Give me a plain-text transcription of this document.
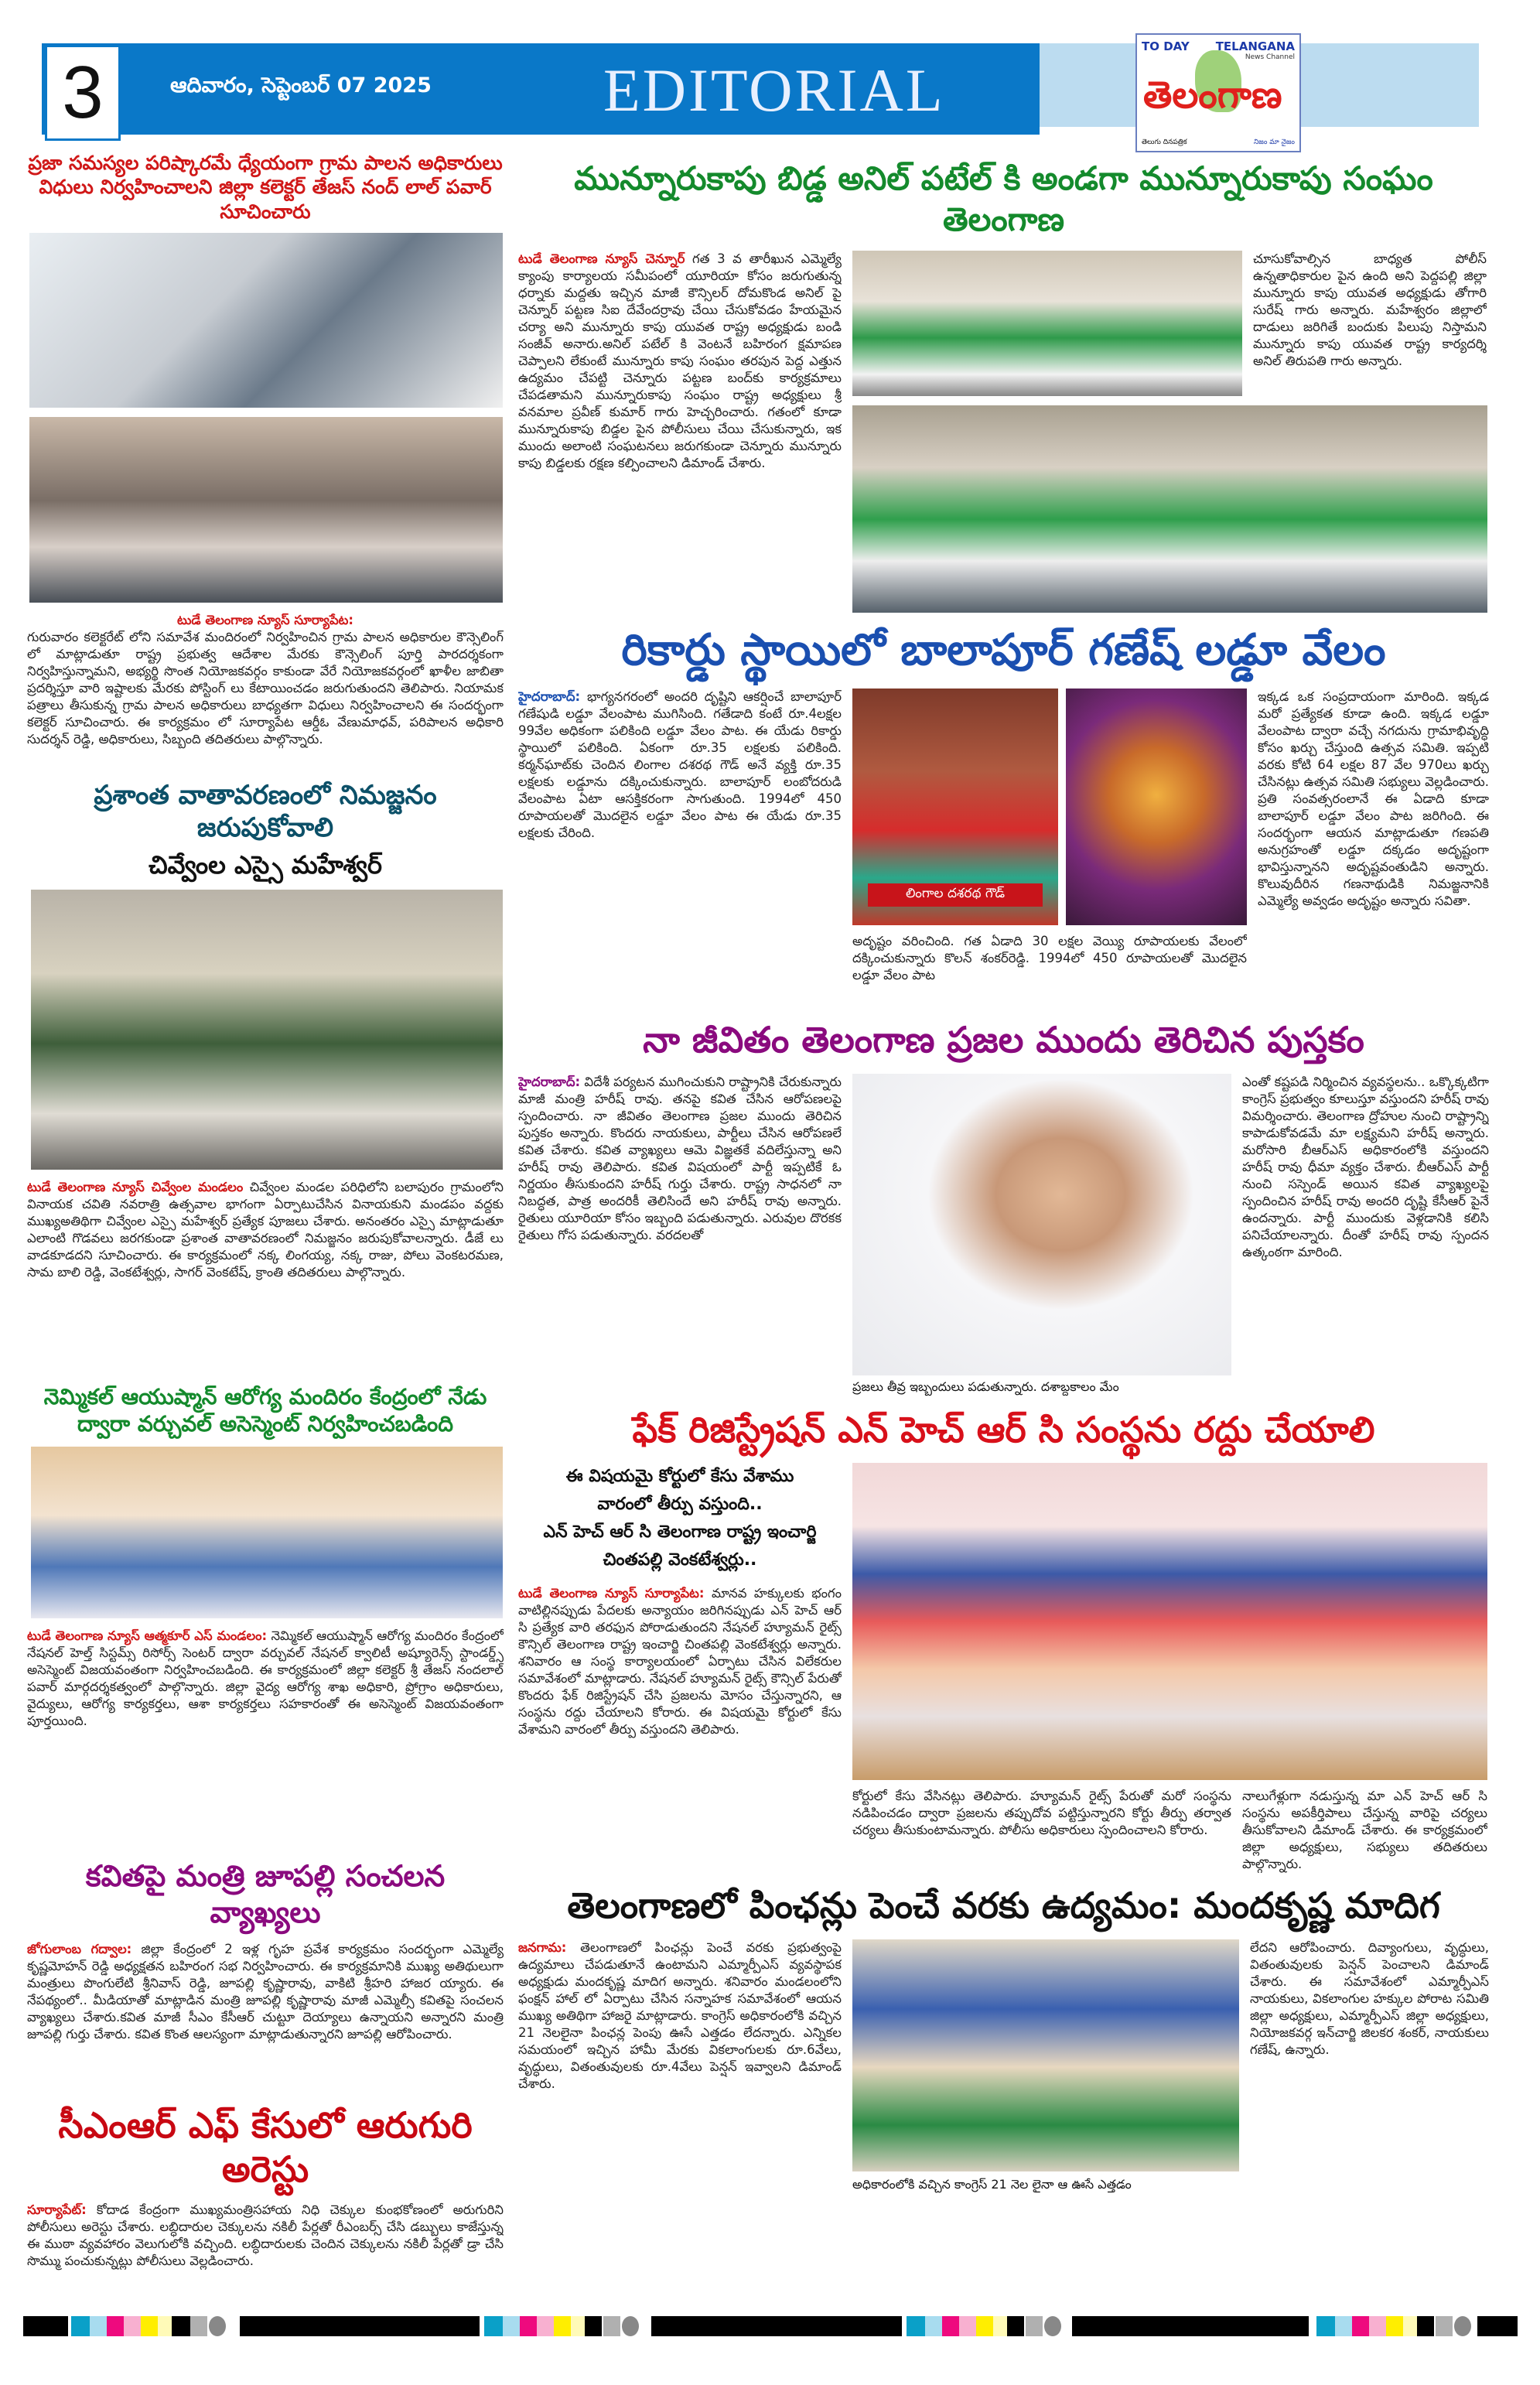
3	ఆదివారం, సెప్టెంబర్ 07 2025	EDITORIAL
TO DAY TELANGANA
News Channel
తెలంగాణ
తెలుగు దినపత్రిక	నిజం మా నైజం
ప్రజా సమస్యల పరిష్కారమే ధ్యేయంగా గ్రామ పాలన అధికారులు విధులు నిర్వహించాలని జిల్లా కలెక్టర్ తేజస్ నంద్ లాల్ పవార్ సూచించారు
టుడే తెలంగాణ న్యూస్ సూర్యాపేట:
గురువారం కలెక్టరేట్ లోని సమావేశ మందిరంలో నిర్వహించిన గ్రామ పాలన అధికారుల కౌన్సెలింగ్ లో మాట్లాడుతూ రాష్ట్ర ప్రభుత్వ ఆదేశాల మేరకు కౌన్సెలింగ్ పూర్తి పారదర్శకంగా నిర్వహిస్తున్నామని, అభ్యర్థి సొంత నియోజకవర్గం కాకుండా వేరే నియోజకవర్గంలో ఖాళీల జాబితా ప్రదర్శిస్తూ వారి ఇష్టాలకు మేరకు పోస్టింగ్ లు కేటాయించడం జరుగుతుందని తెలిపారు. నియామక పత్రాలు తీసుకున్న గ్రామ పాలన అధికారులు బాధ్యతగా విధులు నిర్వహించాలని ఈ సందర్భంగా కలెక్టర్ సూచించారు. ఈ కార్యక్రమం లో సూర్యాపేట ఆర్డీఓ వేణుమాధవ్, పరిపాలన అధికారి సుదర్శన్ రెడ్డి, అధికారులు, సిబ్బంది తదితరులు పాల్గొన్నారు.
ప్రశాంత వాతావరణంలో నిమజ్జనం జరుపుకోవాలి
చివ్వేంల ఎస్సై మహేశ్వర్
టుడే తెలంగాణ న్యూస్ చివ్వేంల మండలం చివ్వేంల మండల పరిధిలోని బలాపురం గ్రామంలోని వినాయక చవితి నవరాత్రి ఉత్సవాల భాగంగా ఏర్పాటుచేసిన వినాయకుని మండపం వద్దకు ముఖ్యఅతిథిగా చివ్వేంల ఎస్సై మహేశ్వర్ ప్రత్యేక పూజలు చేశారు. అనంతరం ఎస్సై మాట్లాడుతూ ఎలాంటి గొడవలు జరగకుండా ప్రశాంత వాతావరణంలో నిమజ్జనం జరుపుకోవాలన్నారు. డీజే లు వాడకూడదని సూచించారు. ఈ కార్యక్రమంలో నక్క లింగయ్య, నక్క రాజు, పోలు వెంకటరమణ, సామ బాలి రెడ్డి, వెంకటేశ్వర్లు, సాగర్ వెంకటేష్, క్రాంతి తదితరులు పాల్గొన్నారు.
నెమ్మికల్ ఆయుష్మాన్ ఆరోగ్య మందిరం కేంద్రంలో నేడు ద్వారా వర్చువల్ అసెస్మెంట్ నిర్వహించబడింది
టుడే తెలంగాణ న్యూస్ ఆత్మకూర్ ఎస్ మండలం: నెమ్మికల్ ఆయుష్మాన్ ఆరోగ్య మందిరం కేంద్రంలో నేషనల్ హెల్త్ సిస్టమ్స్ రిసోర్స్ సెంటర్ ద్వారా వర్చువల్ నేషనల్ క్వాలిటీ అష్యూరెన్స్ స్టాండర్డ్స్ అసెస్మెంట్ విజయవంతంగా నిర్వహించబడింది. ఈ కార్యక్రమంలో జిల్లా కలెక్టర్ శ్రీ తేజస్ నందలాల్ పవార్ మార్గదర్శకత్వంలో పాల్గొన్నారు. జిల్లా వైద్య ఆరోగ్య శాఖ అధికారి, ప్రోగ్రాం అధికారులు, వైద్యులు, ఆరోగ్య కార్యకర్తలు, ఆశా కార్యకర్తలు సహకారంతో ఈ అసెస్మెంట్ విజయవంతంగా పూర్తయింది.
కవితపై మంత్రి జూపల్లి సంచలన వ్యాఖ్యలు
జోగులాంబ గద్వాల: జిల్లా కేంద్రంలో 2 ఇళ్ల గృహ ప్రవేశ కార్యక్రమం సందర్భంగా ఎమ్మెల్యే కృష్ణమోహన్ రెడ్డి అధ్యక్షతన బహిరంగ సభ నిర్వహించారు. ఈ కార్యక్రమానికి ముఖ్య అతిథులుగా మంత్రులు పొంగులేటి శ్రీనివాస్ రెడ్డి, జూపల్లి కృష్ణారావు, వాకిటి శ్రీహరి హాజర య్యారు. ఈ నేపథ్యంలో.. మీడియాతో మాట్లాడిన మంత్రి జూపల్లి కృష్ణారావు మాజీ ఎమ్మెల్సీ కవితపై సంచలన వ్యాఖ్యలు చేశారు.కవిత మాజీ సీఎం కేసీఆర్ చుట్టూ దెయ్యాలు ఉన్నాయని అన్నారని మంత్రి జూపల్లి గుర్తు చేశారు. కవిత కొంత ఆలస్యంగా మాట్లాడుతున్నారని జూపల్లి ఆరోపించారు.
సీఎంఆర్ ఎఫ్ కేసులో ఆరుగురి అరెస్టు
సూర్యాపేట్: కోదాడ కేంద్రంగా ముఖ్యమంత్రిసహాయ నిధి చెక్కుల కుంభకోణంలో అరుగురిని పోలీసులు అరెస్టు చేశారు. లబ్ధిదారుల చెక్కులను నకిలీ పేర్లతో రీఎంబర్స్ చేసి డబ్బులు కాజేస్తున్న ఈ ముఠా వ్యవహారం వెలుగులోకి వచ్చింది. లబ్ధిదారులకు చెందిన చెక్కులను నకిలీ పేర్లతో డ్రా చేసి సొమ్ము పంచుకున్నట్లు పోలీసులు వెల్లడించారు.
మున్నూరుకాపు బిడ్డ అనిల్ పటేల్ కి అండగా మున్నూరుకాపు సంఘం తెలంగాణ
టుడే తెలంగాణ న్యూస్ చెన్నూర్ గత 3 వ తారీఖున ఎమ్మెల్యే క్యాంపు కార్యాలయ సమీపంలో యూరియా కోసం జరుగుతున్న ధర్నాకు మద్దతు ఇచ్చిన మాజీ కౌన్సిలర్ దోమకొండ అనిల్ పై చెన్నూర్ పట్టణ సిఐ దేవేందర్రావు చేయి చేసుకోవడం హేయమైన చర్యా అని మున్నూరు కాపు యువత రాష్ట్ర అధ్యక్షుడు బండి సంజీవ్ అనారు.అనిల్ పటేల్ కి వెంటనే బహిరంగ క్షమాపణ చెప్పాలని లేకుంటే మున్నూరు కాపు సంఘం తరపున పెద్ద ఎత్తున ఉద్యమం చేపట్టి చెన్నూరు పట్టణ బంద్‌కు కార్యక్రమాలు చేపడతామని మున్నూరుకాపు సంఘం రాష్ట్ర అధ్యక్షులు శ్రీ వనమాల ప్రవీణ్ కుమార్ గారు హెచ్చరించారు. గతంలో కూడా మున్నూరుకాపు బిడ్డల పైన పోలీసులు చేయి చేసుకున్నారు, ఇక ముందు అలాంటి సంఘటనలు జరుగకుండా చెన్నూరు మున్నూరు కాపు బిడ్డలకు రక్షణ కల్పించాలని డిమాండ్ చేశారు.
చూసుకోవాల్సిన బాధ్యత పోలీస్ ఉన్నతాధికారుల పైన ఉంది అని పెద్దపల్లి జిల్లా మున్నూరు కాపు యువత అధ్యక్షుడు తోగారి సురేష్ గారు అన్నారు. మహేశ్వరం జిల్లాలో దాడులు జరిగితే బందుకు పిలుపు నిస్తామని మున్నూరు కాపు యువత రాష్ట్ర కార్యదర్శి అనిల్ తిరుపతి గారు అన్నారు.
రికార్డు స్థాయిలో బాలాపూర్ గణేష్ లడ్డూ వేలం
హైదరాబాద్: భాగ్యనగరంలో అందరి దృష్టిని ఆకర్షించే బాలాపూర్ గణేషుడి లడ్డూ వేలంపాట ముగిసింది. గతేడాది కంటే రూ.4లక్షల 99వేల అధికంగా పలికింది లడ్డూ వేలం పాట. ఈ యేడు రికార్డు స్థాయిలో పలికింది. ఏకంగా రూ.35 లక్షలకు పలికింది. కర్మన్‌ఘాట్‌కు చెందిన లింగాల దశరథ గౌడ్ అనే వ్యక్తి రూ.35 లక్షలకు లడ్డూను దక్కించుకున్నారు. బాలాపూర్ లంబోదరుడి వేలంపాట ఏటా ఆసక్తికరంగా సాగుతుంది. 1994లో 450 రూపాయలతో మొదలైన లడ్డూ వేలం పాట ఈ యేడు రూ.35 లక్షలకు చేరింది.
లింగాల దశరథ గౌడ్
అదృష్టం వరించింది. గత ఏడాది 30 లక్షల వెయ్యి రూపాయలకు వేలంలో దక్కించుకున్నారు కొలన్ శంకర్‌రెడ్డి. 1994లో 450 రూపాయలతో మొదలైన లడ్డూ వేలం పాట
ఇక్కడ ఒక సంప్రదాయంగా మారింది. ఇక్కడ మరో ప్రత్యేకత కూడా ఉంది. ఇక్కడ లడ్డూ వేలంపాట ద్వారా వచ్చే నగదును గ్రామాభివృద్ధి కోసం ఖర్చు చేస్తుంది ఉత్సవ సమితి. ఇప్పటి వరకు కోటి 64 లక్షల 87 వేల 970లు ఖర్చు చేసినట్లు ఉత్సవ సమితి సభ్యులు వెల్లడించారు. ప్రతి సంవత్సరంలానే ఈ ఏడాది కూడా బాలాపూర్ లడ్డూ వేలం పాట జరిగింది. ఈ సందర్భంగా ఆయన మాట్లాడుతూ గణపతి అనుగ్రహంతో లడ్డూ దక్కడం అదృష్టంగా భావిస్తున్నానని అదృష్టవంతుడిని అన్నారు. కొలువుదీరిన గణనాథుడికి నిమజ్జనానికి ఎమ్మెల్యే అవ్వడం అదృష్టం అన్నారు సవితా.
నా జీవితం తెలంగాణ ప్రజల ముందు తెరిచిన పుస్తకం
హైదరాబాద్: విదేశీ పర్యటన ముగించుకుని రాష్ట్రానికి చేరుకున్నారు మాజీ మంత్రి హరీష్ రావు. తనపై కవిత చేసిన ఆరోపణలపై స్పందించారు. నా జీవితం తెలంగాణ ప్రజల ముందు తెరిచిన పుస్తకం అన్నారు. కొందరు నాయకులు, పార్టీలు చేసిన ఆరోపణలే కవిత చేశారు. కవిత వ్యాఖ్యలు ఆమె విజ్ఞతకే వదిలేస్తున్నా అని హరీష్ రావు తెలిపారు. కవిత విషయంలో పార్టీ ఇప్పటికే ఓ నిర్ణయం తీసుకుందని హరీష్ గుర్తు చేశారు. రాష్ట్ర సాధనలో నా నిబద్ధత, పాత్ర అందరికీ తెలిసిందే అని హరీష్ రావు అన్నారు. రైతులు యూరియా కోసం ఇబ్బంది పడుతున్నారు. ఎరువుల దొరకక రైతులు గోస పడుతున్నారు. వరదలతో
ప్రజలు తీవ్ర ఇబ్బందులు పడుతున్నారు. దశాబ్దకాలం మేం
ఎంతో కష్టపడి నిర్మించిన వ్యవస్థలను.. ఒక్కొక్కటిగా కాంగ్రెస్ ప్రభుత్వం కూలుస్తూ వస్తుందని హరీష్ రావు విమర్శించారు. తెలంగాణ ద్రోహుల నుంచి రాష్ట్రాన్ని కాపాడుకోవడమే మా లక్ష్యమని హరీష్ అన్నారు. మరోసారి బీఆర్ఎస్ అధికారంలోకి వస్తుందని హరీష్ రావు ధీమా వ్యక్తం చేశారు. బీఆర్ఎస్ పార్టీ నుంచి సస్పెండ్ అయిన కవిత వ్యాఖ్యలపై స్పందించిన హరీష్ రావు అందరి దృష్టి కేసీఆర్ పైనే ఉందన్నారు. పార్టీ ముందుకు వెళ్లడానికి కలిసి పనిచేయాలన్నారు. దీంతో హరీష్ రావు స్పందన ఉత్కంఠగా మారింది.
ఫేక్ రిజిస్ట్రేషన్ ఎన్ హెచ్ ఆర్ సి సంస్థను రద్దు చేయాలి
ఈ విషయమై కోర్టులో కేసు వేశాము
వారంలో తీర్పు వస్తుంది..
ఎన్ హెచ్ ఆర్ సి తెలంగాణ రాష్ట్ర ఇంచార్జి
చింతపల్లి వెంకటేశ్వర్లు..
టుడే తెలంగాణ న్యూస్ సూర్యాపేట: మానవ హక్కులకు భంగం వాటిల్లినప్పుడు పేదలకు అన్యాయం జరిగినప్పుడు ఎన్ హెచ్ ఆర్ సి ప్రత్యేక వారి తరఫున పోరాడుతుందని నేషనల్ హ్యూమన్ రైట్స్ కౌన్సిల్ తెలంగాణ రాష్ట్ర ఇంచార్జి చింతపల్లి వెంకటేశ్వర్లు అన్నారు. శనివారం ఆ సంస్థ కార్యాలయంలో ఏర్పాటు చేసిన విలేకరుల సమావేశంలో మాట్లాడారు. నేషనల్ హ్యూమన్ రైట్స్ కౌన్సిల్ పేరుతో కొందరు ఫేక్ రిజిస్ట్రేషన్ చేసి ప్రజలను మోసం చేస్తున్నారని, ఆ సంస్థను రద్దు చేయాలని కోరారు. ఈ విషయమై కోర్టులో కేసు వేశామని వారంలో తీర్పు వస్తుందని తెలిపారు.
కోర్టులో కేసు వేసినట్లు తెలిపారు. హ్యూమన్ రైట్స్ పేరుతో మరో సంస్థను నడిపించడం ద్వారా ప్రజలను తప్పుదోవ పట్టిస్తున్నారని కోర్టు తీర్పు తర్వాత చర్యలు తీసుకుంటామన్నారు. పోలీసు అధికారులు స్పందించాలని కోరారు.
నాలుగేళ్లుగా నడుస్తున్న మా ఎన్ హెచ్ ఆర్ సి సంస్థను అపకీర్తిపాలు చేస్తున్న వారిపై చర్యలు తీసుకోవాలని డిమాండ్ చేశారు. ఈ కార్యక్రమంలో జిల్లా అధ్యక్షులు, సభ్యులు తదితరులు పాల్గొన్నారు.
తెలంగాణలో పింఛన్లు పెంచే వరకు ఉద్యమం: మందకృష్ణ మాదిగ
జనగామ: తెలంగాణలో పింఛన్లు పెంచే వరకు ప్రభుత్వంపై ఉద్యమాలు చేపడుతూనే ఉంటామని ఎమ్మార్పీఎస్ వ్యవస్థాపక అధ్యక్షుడు మందకృష్ణ మాదిగ అన్నారు. శనివారం మండలంలోని ఫంక్షన్ హాల్ లో ఏర్పాటు చేసిన సన్నాహక సమావేశంలో ఆయన ముఖ్య అతిథిగా హాజరై మాట్లాడారు. కాంగ్రెస్ అధికారంలోకి వచ్చిన 21 నెలలైనా పింఛన్ల పెంపు ఊసే ఎత్తడం లేదన్నారు. ఎన్నికల సమయంలో ఇచ్చిన హామీ మేరకు వికలాంగులకు రూ.6వేలు, వృద్ధులు, వితంతువులకు రూ.4వేలు పెన్షన్ ఇవ్వాలని డిమాండ్ చేశారు.
అధికారంలోకి వచ్చిన కాంగ్రెస్ 21 నెల లైనా ఆ ఊసే ఎత్తడం
లేదని ఆరోపించారు. దివ్యాంగులు, వృద్ధులు, వితంతువులకు పెన్షన్ పెంచాలని డిమాండ్ చేశారు. ఈ సమావేశంలో ఎమ్మార్పీఎస్ నాయకులు, వికలాంగుల హక్కుల పోరాట సమితి జిల్లా అధ్యక్షులు, ఎమ్మార్పీఎస్ జిల్లా అధ్యక్షులు, నియోజకవర్గ ఇన్‌చార్జి జిలకర శంకర్, నాయకులు గణేష్, ఉన్నారు.
